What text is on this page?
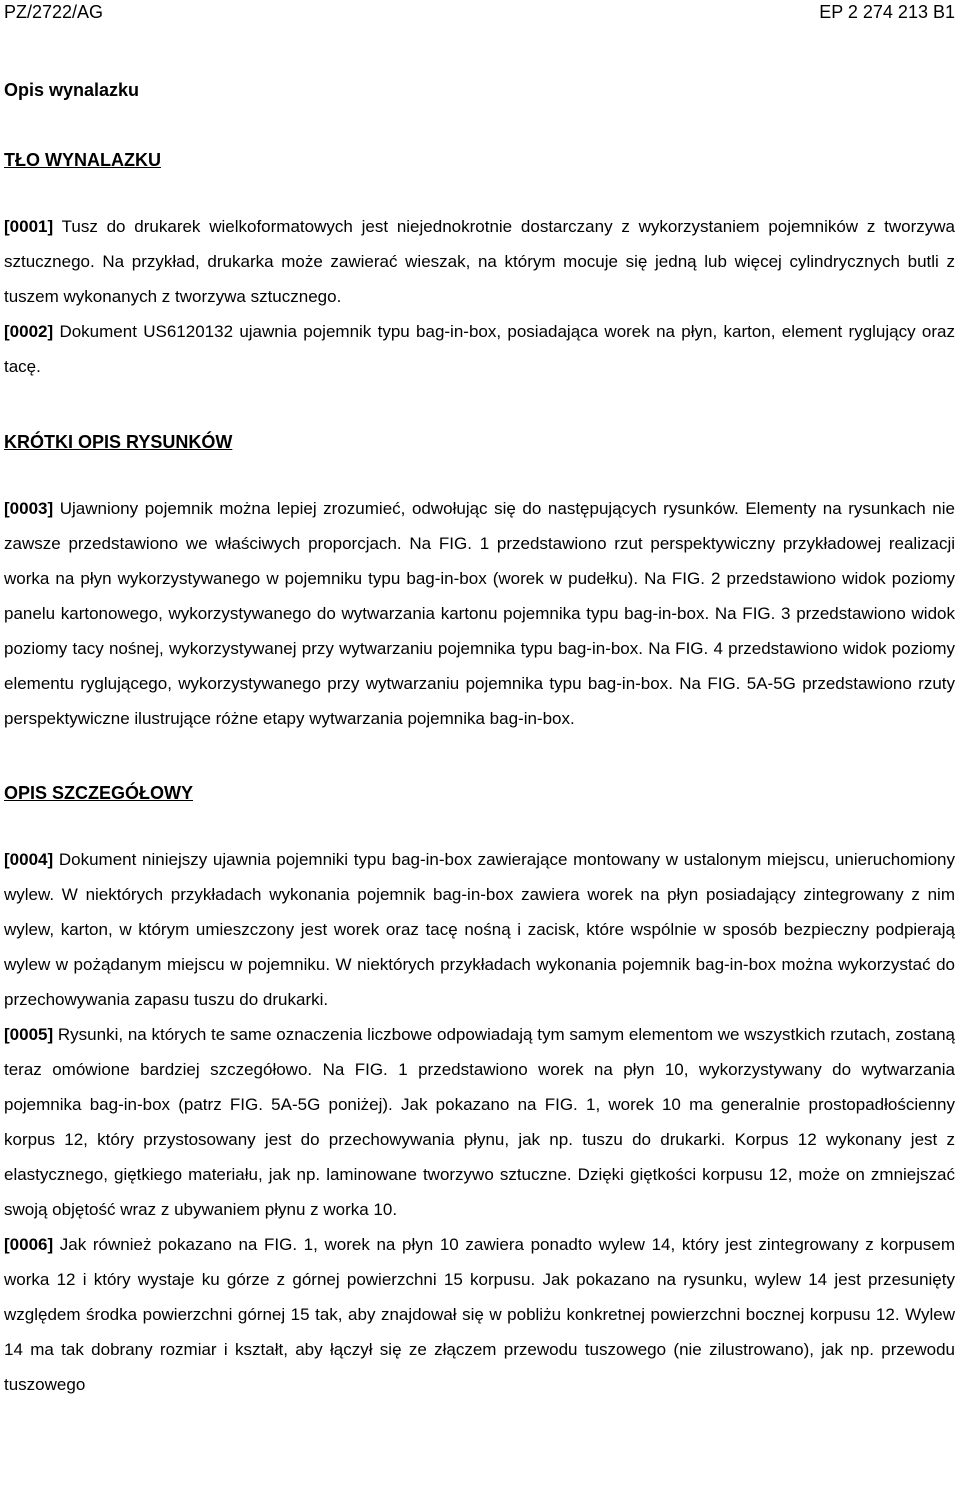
PZ/2722/AG	EP 2 274 213 B1
Opis wynalazku
TŁO WYNALAZKU
[0001] Tusz do drukarek wielkoformatowych jest niejednokrotnie dostarczany z wykorzystaniem pojemników z tworzywa sztucznego. Na przykład, drukarka może zawierać wieszak, na którym mocuje się jedną lub więcej cylindrycznych butli z tuszem wykonanych z tworzywa sztucznego.
[0002] Dokument US6120132 ujawnia pojemnik typu bag-in-box, posiadająca worek na płyn, karton, element ryglujący oraz tacę.
KRÓTKI OPIS RYSUNKÓW
[0003] Ujawniony pojemnik można lepiej zrozumieć, odwołując się do następujących rysunków. Elementy na rysunkach nie zawsze przedstawiono we właściwych proporcjach. Na FIG. 1 przedstawiono rzut perspektywiczny przykładowej realizacji worka na płyn wykorzystywanego w pojemniku typu bag-in-box (worek w pudełku). Na FIG. 2 przedstawiono widok poziomy panelu kartonowego, wykorzystywanego do wytwarzania kartonu pojemnika typu bag-in-box. Na FIG. 3 przedstawiono widok poziomy tacy nośnej, wykorzystywanej przy wytwarzaniu pojemnika typu bag-in-box. Na FIG. 4 przedstawiono widok poziomy elementu ryglującego, wykorzystywanego przy wytwarzaniu pojemnika typu bag-in-box. Na FIG. 5A-5G przedstawiono rzuty perspektywiczne ilustrujące różne etapy wytwarzania pojemnika bag-in-box.
OPIS SZCZEGÓŁOWY
[0004] Dokument niniejszy ujawnia pojemniki typu bag-in-box zawierające montowany w ustalonym miejscu, unieruchomiony wylew. W niektórych przykładach wykonania pojemnik bag-in-box zawiera worek na płyn posiadający zintegrowany z nim wylew, karton, w którym umieszczony jest worek oraz tacę nośną i zacisk, które wspólnie w sposób bezpieczny podpierają wylew w pożądanym miejscu w pojemniku. W niektórych przykładach wykonania pojemnik bag-in-box można wykorzystać do przechowywania zapasu tuszu do drukarki.
[0005] Rysunki, na których te same oznaczenia liczbowe odpowiadają tym samym elementom we wszystkich rzutach, zostaną teraz omówione bardziej szczegółowo. Na FIG. 1 przedstawiono worek na płyn 10, wykorzystywany do wytwarzania pojemnika bag-in-box (patrz FIG. 5A-5G poniżej). Jak pokazano na FIG. 1, worek 10 ma generalnie prostopadłościenny korpus 12, który przystosowany jest do przechowywania płynu, jak np. tuszu do drukarki. Korpus 12 wykonany jest z elastycznego, giętkiego materiału, jak np. laminowane tworzywo sztuczne. Dzięki giętkości korpusu 12, może on zmniejszać swoją objętość wraz z ubywaniem płynu z worka 10.
[0006] Jak również pokazano na FIG. 1, worek na płyn 10 zawiera ponadto wylew 14, który jest zintegrowany z korpusem worka 12 i który wystaje ku górze z górnej powierzchni 15 korpusu. Jak pokazano na rysunku, wylew 14 jest przesunięty względem środka powierzchni górnej 15 tak, aby znajdował się w pobliżu konkretnej powierzchni bocznej korpusu 12. Wylew 14 ma tak dobrany rozmiar i kształt, aby łączył się ze złączem przewodu tuszowego (nie zilustrowano), jak np. przewodu tuszowego
